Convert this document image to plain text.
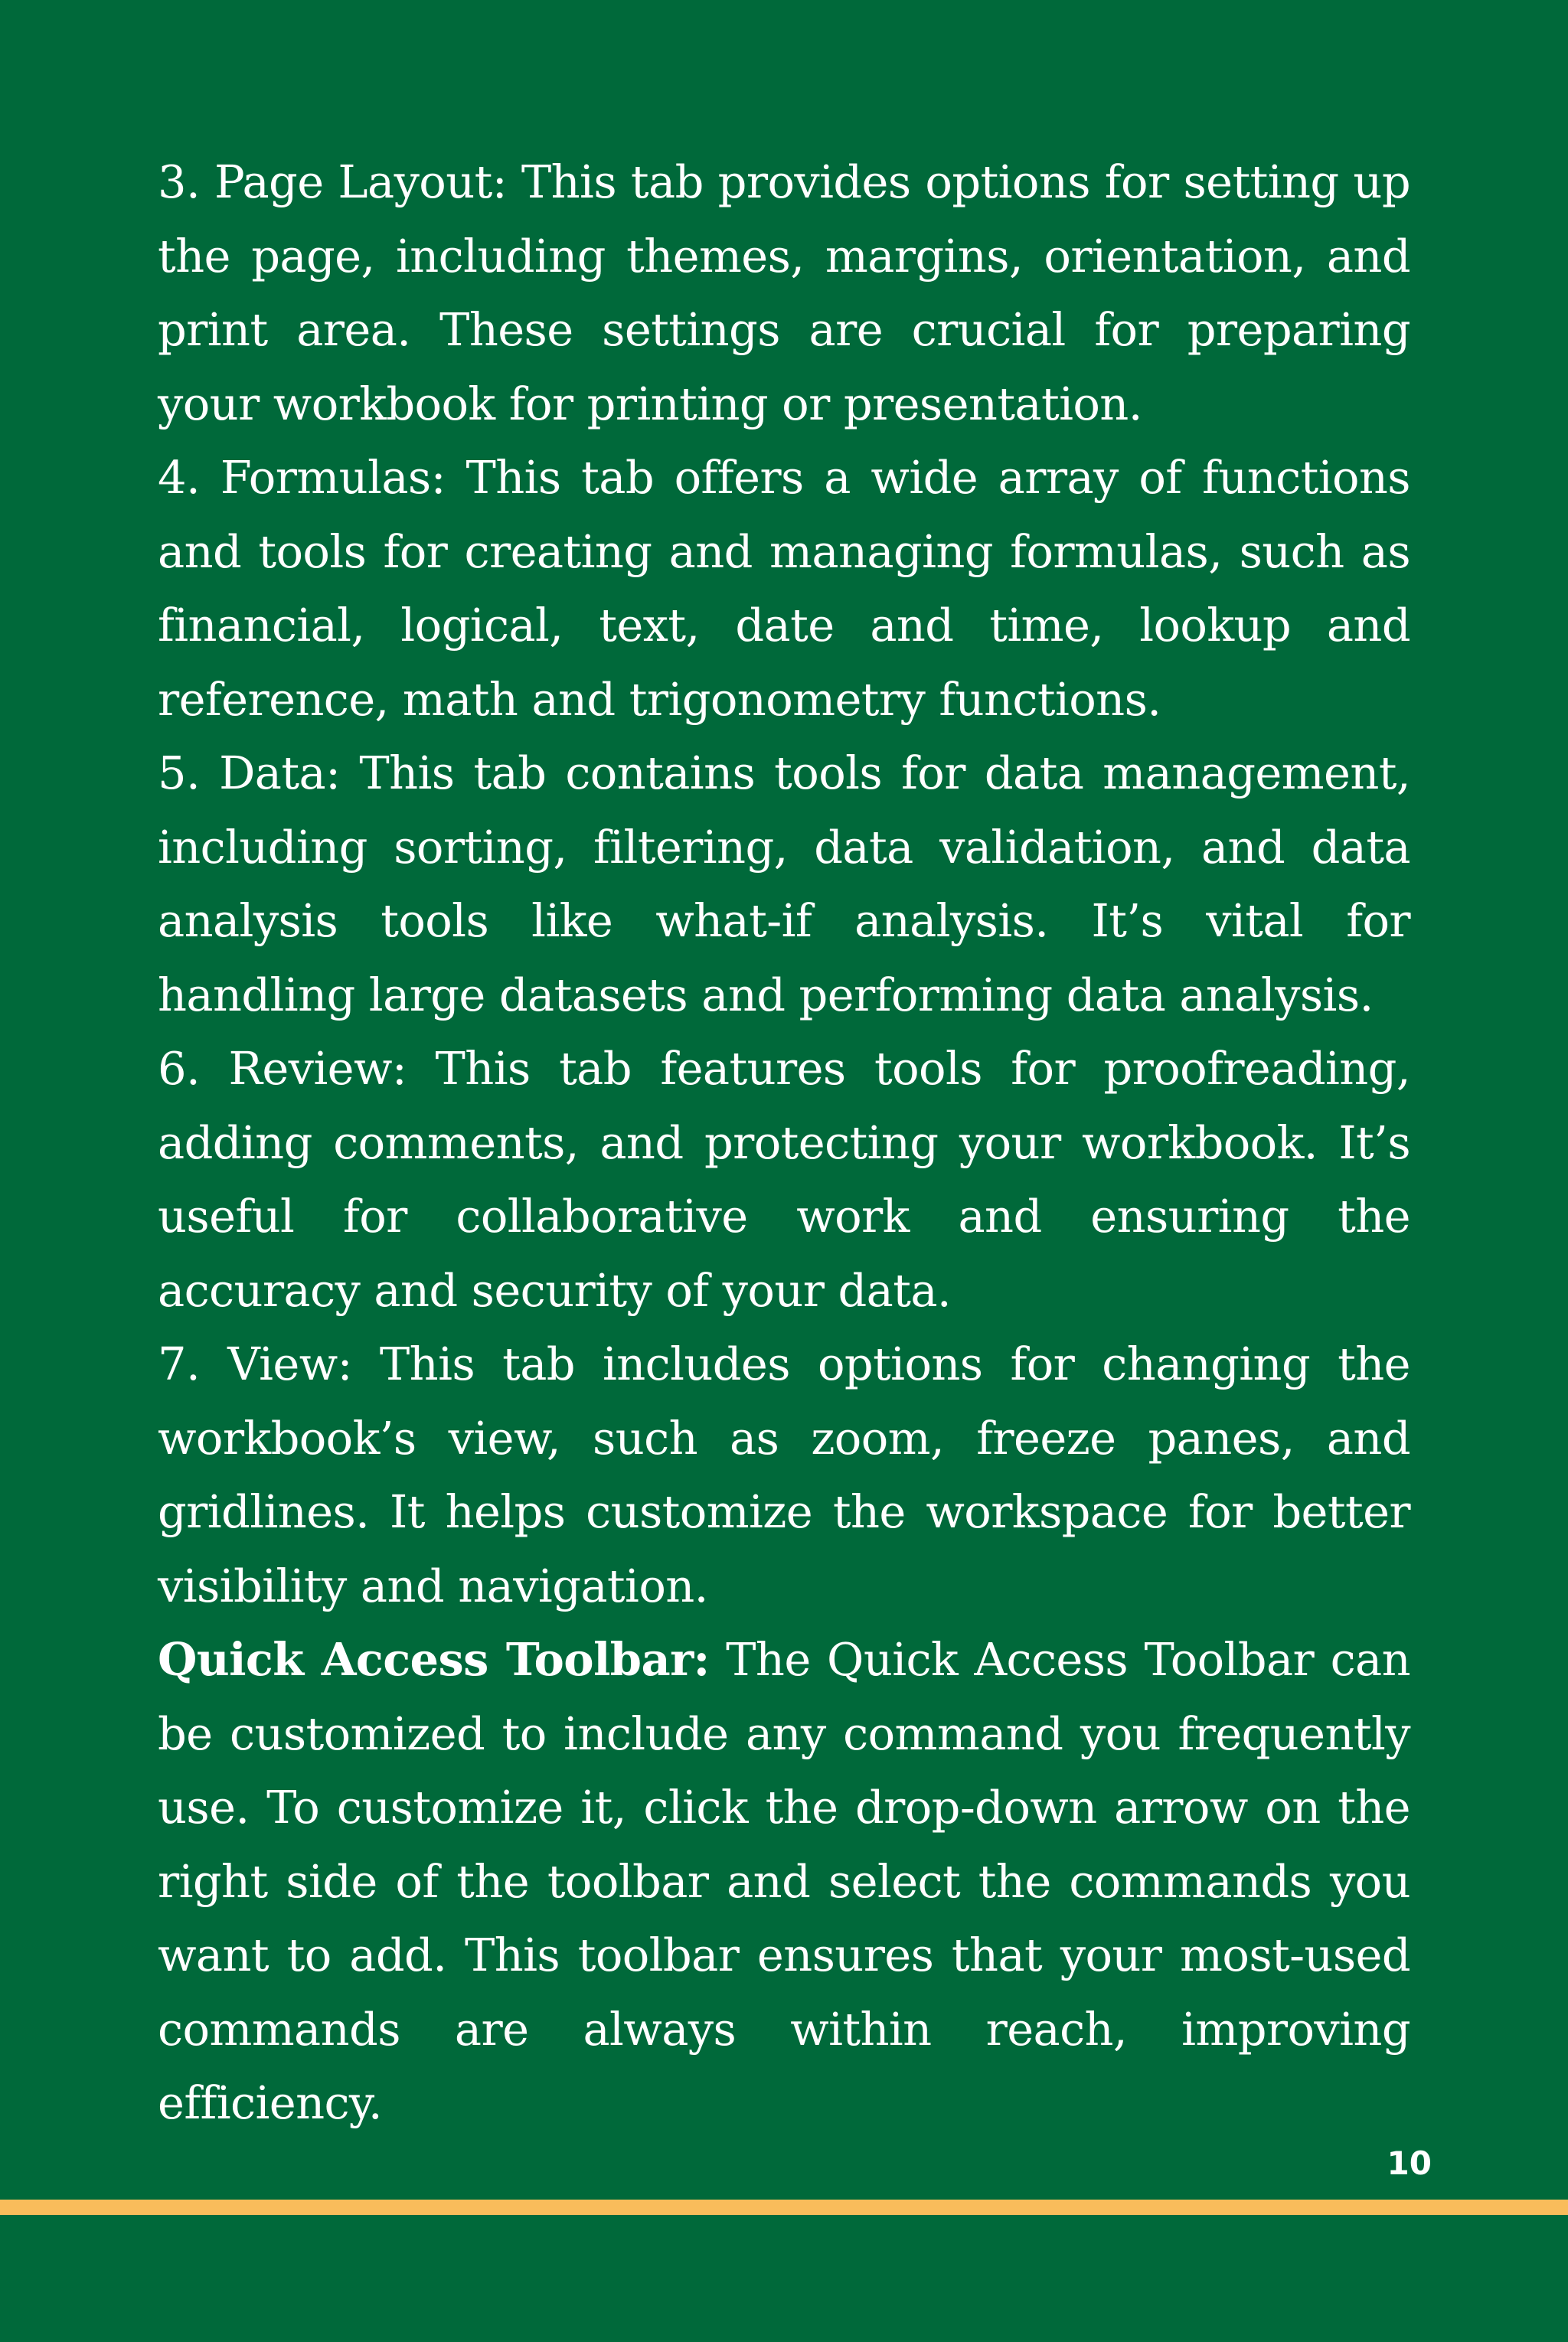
3. Page Layout: This tab provides options for setting up the page, including themes, margins, orientation, and print area. These settings are crucial for preparing your workbook for printing or presentation.

4. Formulas: This tab offers a wide array of functions and tools for creating and managing formulas, such as financial, logical, text, date and time, lookup and reference, math and trigonometry functions.

5. Data: This tab contains tools for data management, including sorting, filtering, data validation, and data analysis tools like what-if analysis. It’s vital for handling large datasets and performing data analysis.

6. Review: This tab features tools for proofreading, adding comments, and protecting your workbook. It’s useful for collaborative work and ensuring the accuracy and security of your data.

7. View: This tab includes options for changing the workbook’s view, such as zoom, freeze panes, and gridlines. It helps customize the workspace for better visibility and navigation.

Quick Access Toolbar: The Quick Access Toolbar can be customized to include any command you frequently use. To customize it, click the drop-down arrow on the right side of the toolbar and select the commands you want to add. This toolbar ensures that your most-used commands are always within reach, improving efficiency.

10
